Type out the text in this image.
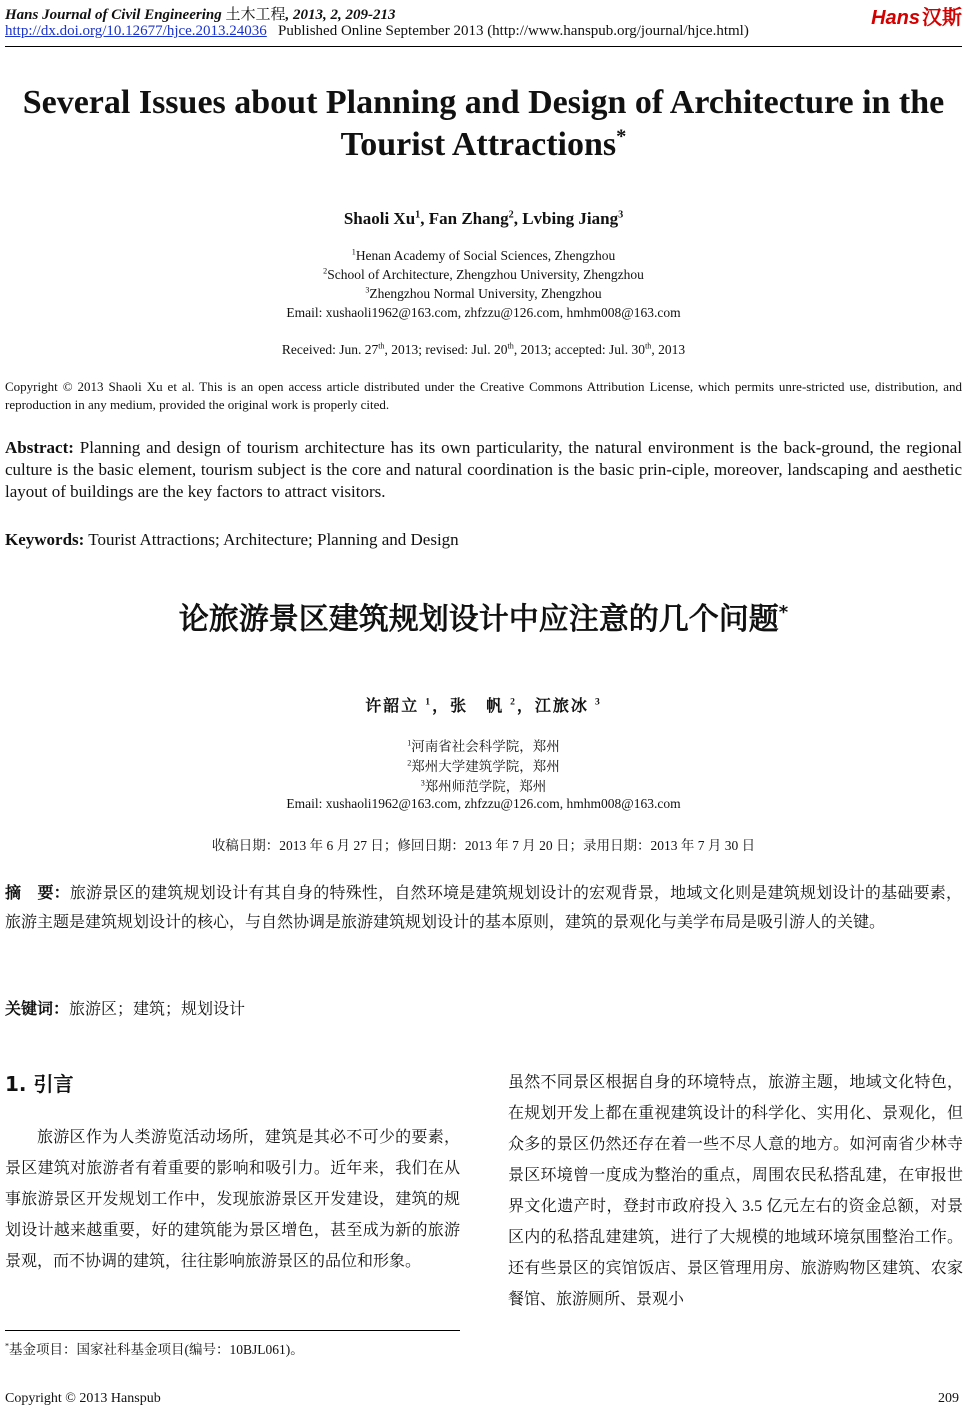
Hans Journal of Civil Engineering 土木工程, 2013, 2, 209-213
http://dx.doi.org/10.12677/hjce.2013.24036 Published Online September 2013 (http://www.hanspub.org/journal/hjce.html)
Hans 汉斯
Several Issues about Planning and Design of Architecture in the Tourist Attractions*
Shaoli Xu$^1$, Fan Zhang$^2$, Lvbing Jiang$^3$
$^1$Henan Academy of Social Sciences, Zhengzhou
$^2$School of Architecture, Zhengzhou University, Zhengzhou
$^3$Zhengzhou Normal University, Zhengzhou
Email: xushaoli1962@163.com, zhfzzu@126.com, hmhm008@163.com
Received: Jun. 27th, 2013; revised: Jul. 20th, 2013; accepted: Jul. 30th, 2013
Copyright © 2013 Shaoli Xu et al. This is an open access article distributed under the Creative Commons Attribution License, which permits unre-stricted use, distribution, and reproduction in any medium, provided the original work is properly cited.
Abstract: Planning and design of tourism architecture has its own particularity, the natural environment is the back-ground, the regional culture is the basic element, tourism subject is the core and natural coordination is the basic prin-ciple, moreover, landscaping and aesthetic layout of buildings are the key factors to attract visitors.
Keywords: Tourist Attractions; Architecture; Planning and Design
论旅游景区建筑规划设计中应注意的几个问题*
许韶立 $^1$，张　帆 $^2$，江旅冰 $^3$
$^1$河南省社会科学院，郑州
$^2$郑州大学建筑学院，郑州
$^3$郑州师范学院，郑州
Email: xushaoli1962@163.com, zhfzzu@126.com, hmhm008@163.com
收稿日期：2013 年 6 月 27 日；修回日期：2013 年 7 月 20 日；录用日期：2013 年 7 月 30 日
摘　要：旅游景区的建筑规划设计有其自身的特殊性，自然环境是建筑规划设计的宏观背景，地域文化则是建筑规划设计的基础要素，旅游主题是建筑规划设计的核心，与自然协调是旅游建筑规划设计的基本原则，建筑的景观化与美学布局是吸引游人的关键。
关键词：旅游区；建筑；规划设计
1. 引言
旅游区作为人类游览活动场所，建筑是其必不可少的要素，景区建筑对旅游者有着重要的影响和吸引力。近年来，我们在从事旅游景区开发规划工作中，发现旅游景区开发建设，建筑的规划设计越来越重要，好的建筑能为景区增色，甚至成为新的旅游景观，而不协调的建筑，往往影响旅游景区的品位和形象。
虽然不同景区根据自身的环境特点，旅游主题，地域文化特色，在规划开发上都在重视建筑设计的科学化、实用化、景观化，但众多的景区仍然还存在着一些不尽人意的地方。如河南省少林寺景区环境曾一度成为整治的重点，周围农民私搭乱建，在审报世界文化遗产时，登封市政府投入 3.5 亿元左右的资金总额，对景区内的私搭乱建建筑，进行了大规模的地域环境氛围整治工作。还有些景区的宾馆饭店、景区管理用房、旅游购物区建筑、农家餐馆、旅游厕所、景观小
*基金项目：国家社科基金项目(编号：10BJL061)。
Copyright © 2013 Hanspub	209
